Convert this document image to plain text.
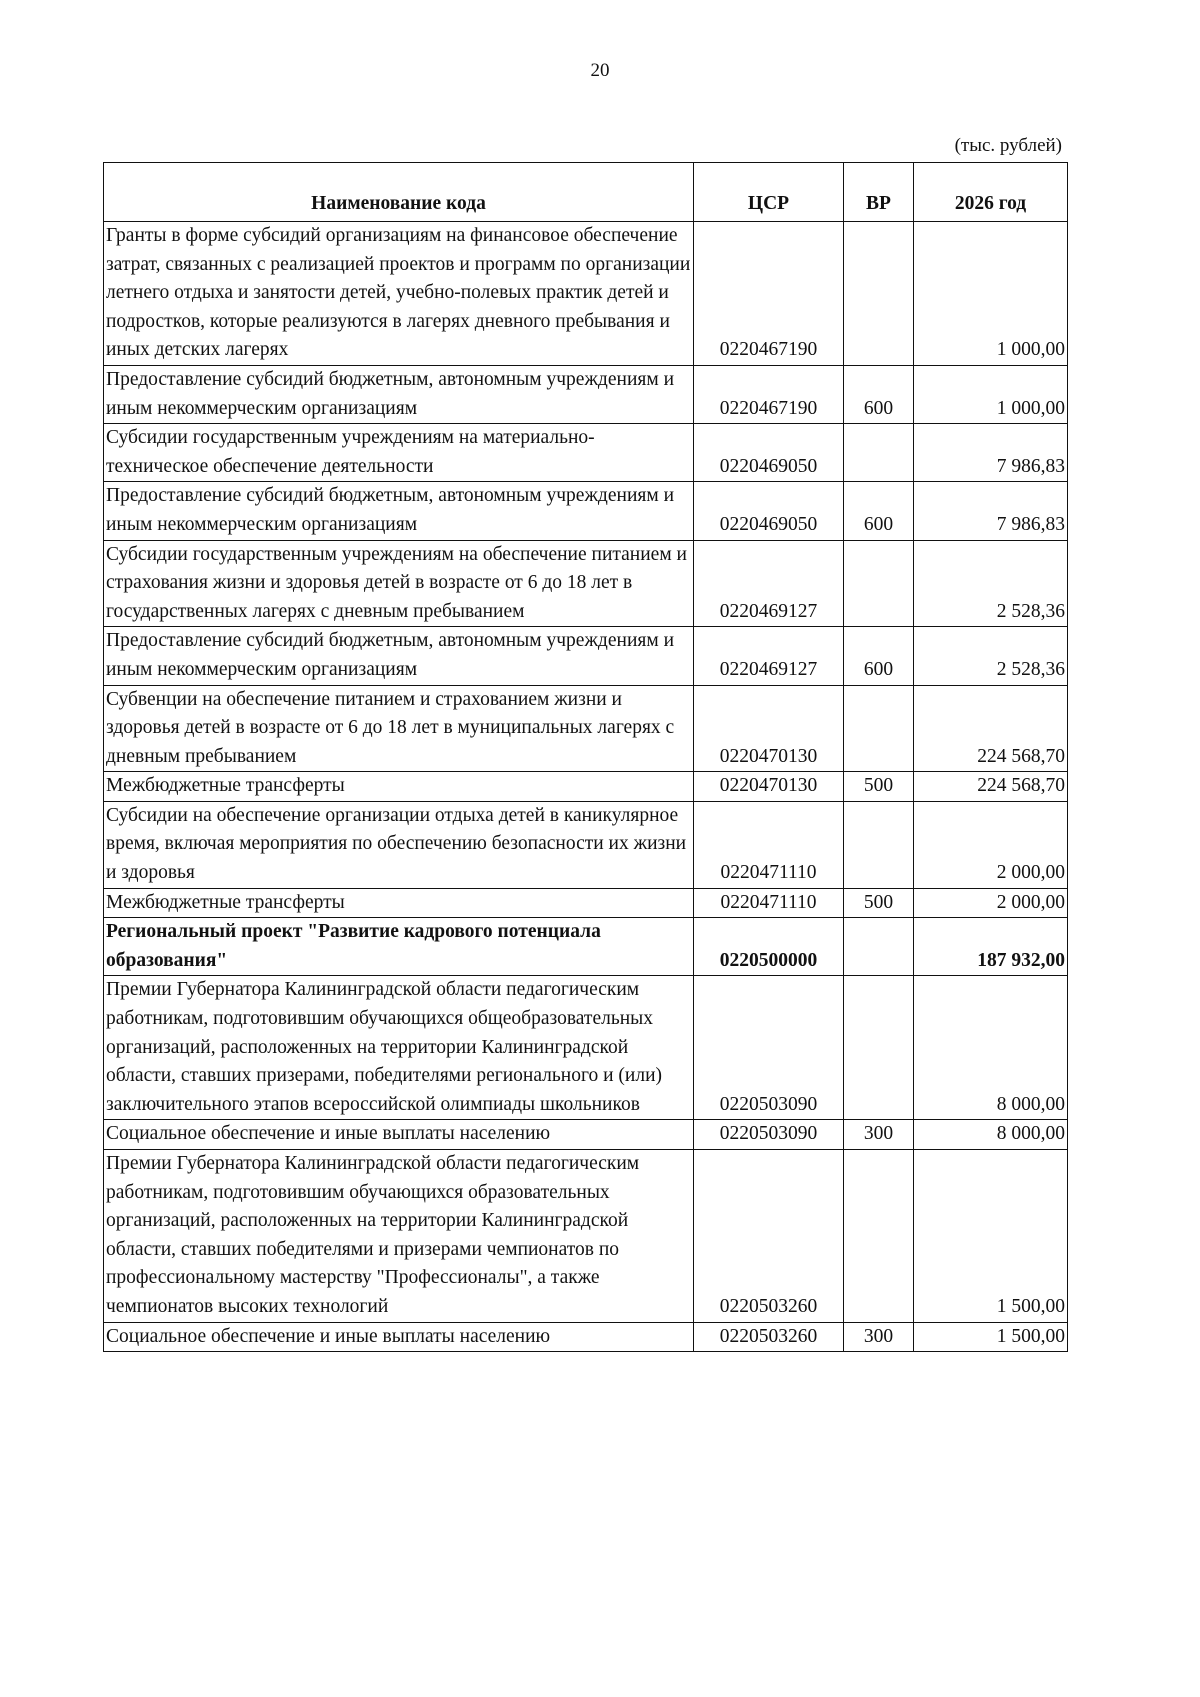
20
(тыс. рублей)
Наименование кода	ЦСР	ВР	2026 год
Гранты в форме субсидий организациям на финансовое обеспечение затрат, связанных с реализацией проектов и программ по организации летнего отдыха и занятости детей, учебно-полевых практик детей и подростков, которые реализуются в лагерях дневного пребывания и иных детских лагерях	0220467190		1 000,00
Предоставление субсидий бюджетным, автономным учреждениям и иным некоммерческим организациям	0220467190	600	1 000,00
Субсидии государственным учреждениям на материально-техническое обеспечение деятельности	0220469050		7 986,83
Предоставление субсидий бюджетным, автономным учреждениям и иным некоммерческим организациям	0220469050	600	7 986,83
Субсидии государственным учреждениям на обеспечение питанием и страхования жизни и здоровья детей в возрасте от 6 до 18 лет в государственных лагерях с дневным пребыванием	0220469127		2 528,36
Предоставление субсидий бюджетным, автономным учреждениям и иным некоммерческим организациям	0220469127	600	2 528,36
Субвенции на обеспечение питанием и страхованием жизни и здоровья детей в возрасте от 6 до 18 лет в муниципальных лагерях с дневным пребыванием	0220470130		224 568,70
Межбюджетные трансферты	0220470130	500	224 568,70
Субсидии на обеспечение организации отдыха детей в каникулярное время, включая мероприятия по обеспечению безопасности их жизни и здоровья	0220471110		2 000,00
Межбюджетные трансферты	0220471110	500	2 000,00
Региональный проект "Развитие кадрового потенциала образования"	0220500000		187 932,00
Премии Губернатора Калининградской области педагогическим работникам, подготовившим обучающихся общеобразовательных организаций, расположенных на территории Калининградской области, ставших призерами, победителями регионального и (или) заключительного этапов всероссийской олимпиады школьников	0220503090		8 000,00
Социальное обеспечение и иные выплаты населению	0220503090	300	8 000,00
Премии Губернатора Калининградской области педагогическим работникам, подготовившим обучающихся образовательных организаций, расположенных на территории Калининградской области, ставших победителями и призерами чемпионатов по профессиональному мастерству "Профессионалы", а также чемпионатов высоких технологий	0220503260		1 500,00
Социальное обеспечение и иные выплаты населению	0220503260	300	1 500,00
